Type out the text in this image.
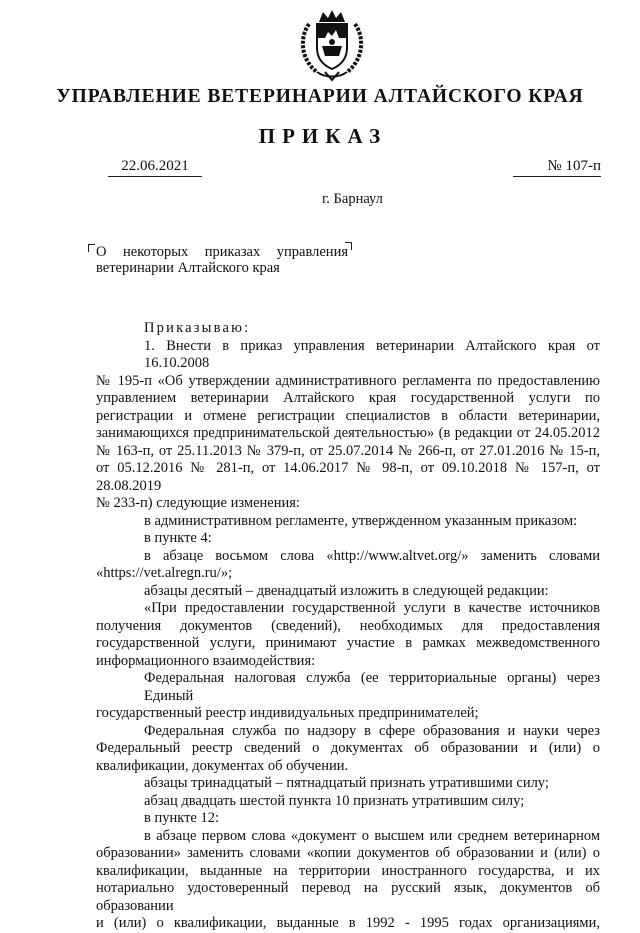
УПРАВЛЕНИЕ ВЕТЕРИНАРИИ АЛТАЙСКОГО КРАЯ
ПРИКАЗ
22.06.2021	№ 107-п
г. Барнаул
О некоторых приказах управления
ветеринарии Алтайского края
Приказываю:
1. Внести в приказ управления ветеринарии Алтайского края от 16.10.2008
№ 195-п «Об утверждении административного регламента по предоставлению
управлением ветеринарии Алтайского края государственной услуги по
регистрации и отмене регистрации специалистов в области ветеринарии,
занимающихся предпринимательской деятельностью» (в редакции от 24.05.2012
№ 163-п, от 25.11.2013 № 379-п, от 25.07.2014 № 266-п, от 27.01.2016 № 15-п,
от 05.12.2016 № 281-п, от 14.06.2017 № 98-п, от 09.10.2018 № 157-п, от 28.08.2019
№ 233-п) следующие изменения:
в административном регламенте, утвержденном указанным приказом:
в пункте 4:
в абзаце восьмом слова «http://www.altvet.org/» заменить словами
«https://vet.alregn.ru/»;
абзацы десятый – двенадцатый изложить в следующей редакции:
«При предоставлении государственной услуги в качестве источников
получения документов (сведений), необходимых для предоставления
государственной услуги, принимают участие в рамках межведомственного
информационного взаимодействия:
Федеральная налоговая служба (ее территориальные органы) через Единый
государственный реестр индивидуальных предпринимателей;
Федеральная служба по надзору в сфере образования и науки через
Федеральный реестр сведений о документах об образовании и (или) о
квалификации, документах об обучении.
абзацы тринадцатый – пятнадцатый признать утратившими силу;
абзац двадцать шестой пункта 10 признать утратившим силу;
в пункте 12:
в абзаце первом слова «документ о высшем или среднем ветеринарном
образовании» заменить словами «копии документов об образовании и (или) о
квалификации, выданные на территории иностранного государства, и их
нотариально удостоверенный перевод на русский язык, документов об образовании
и (или) о квалификации, выданные в 1992 - 1995 годах организациями,
